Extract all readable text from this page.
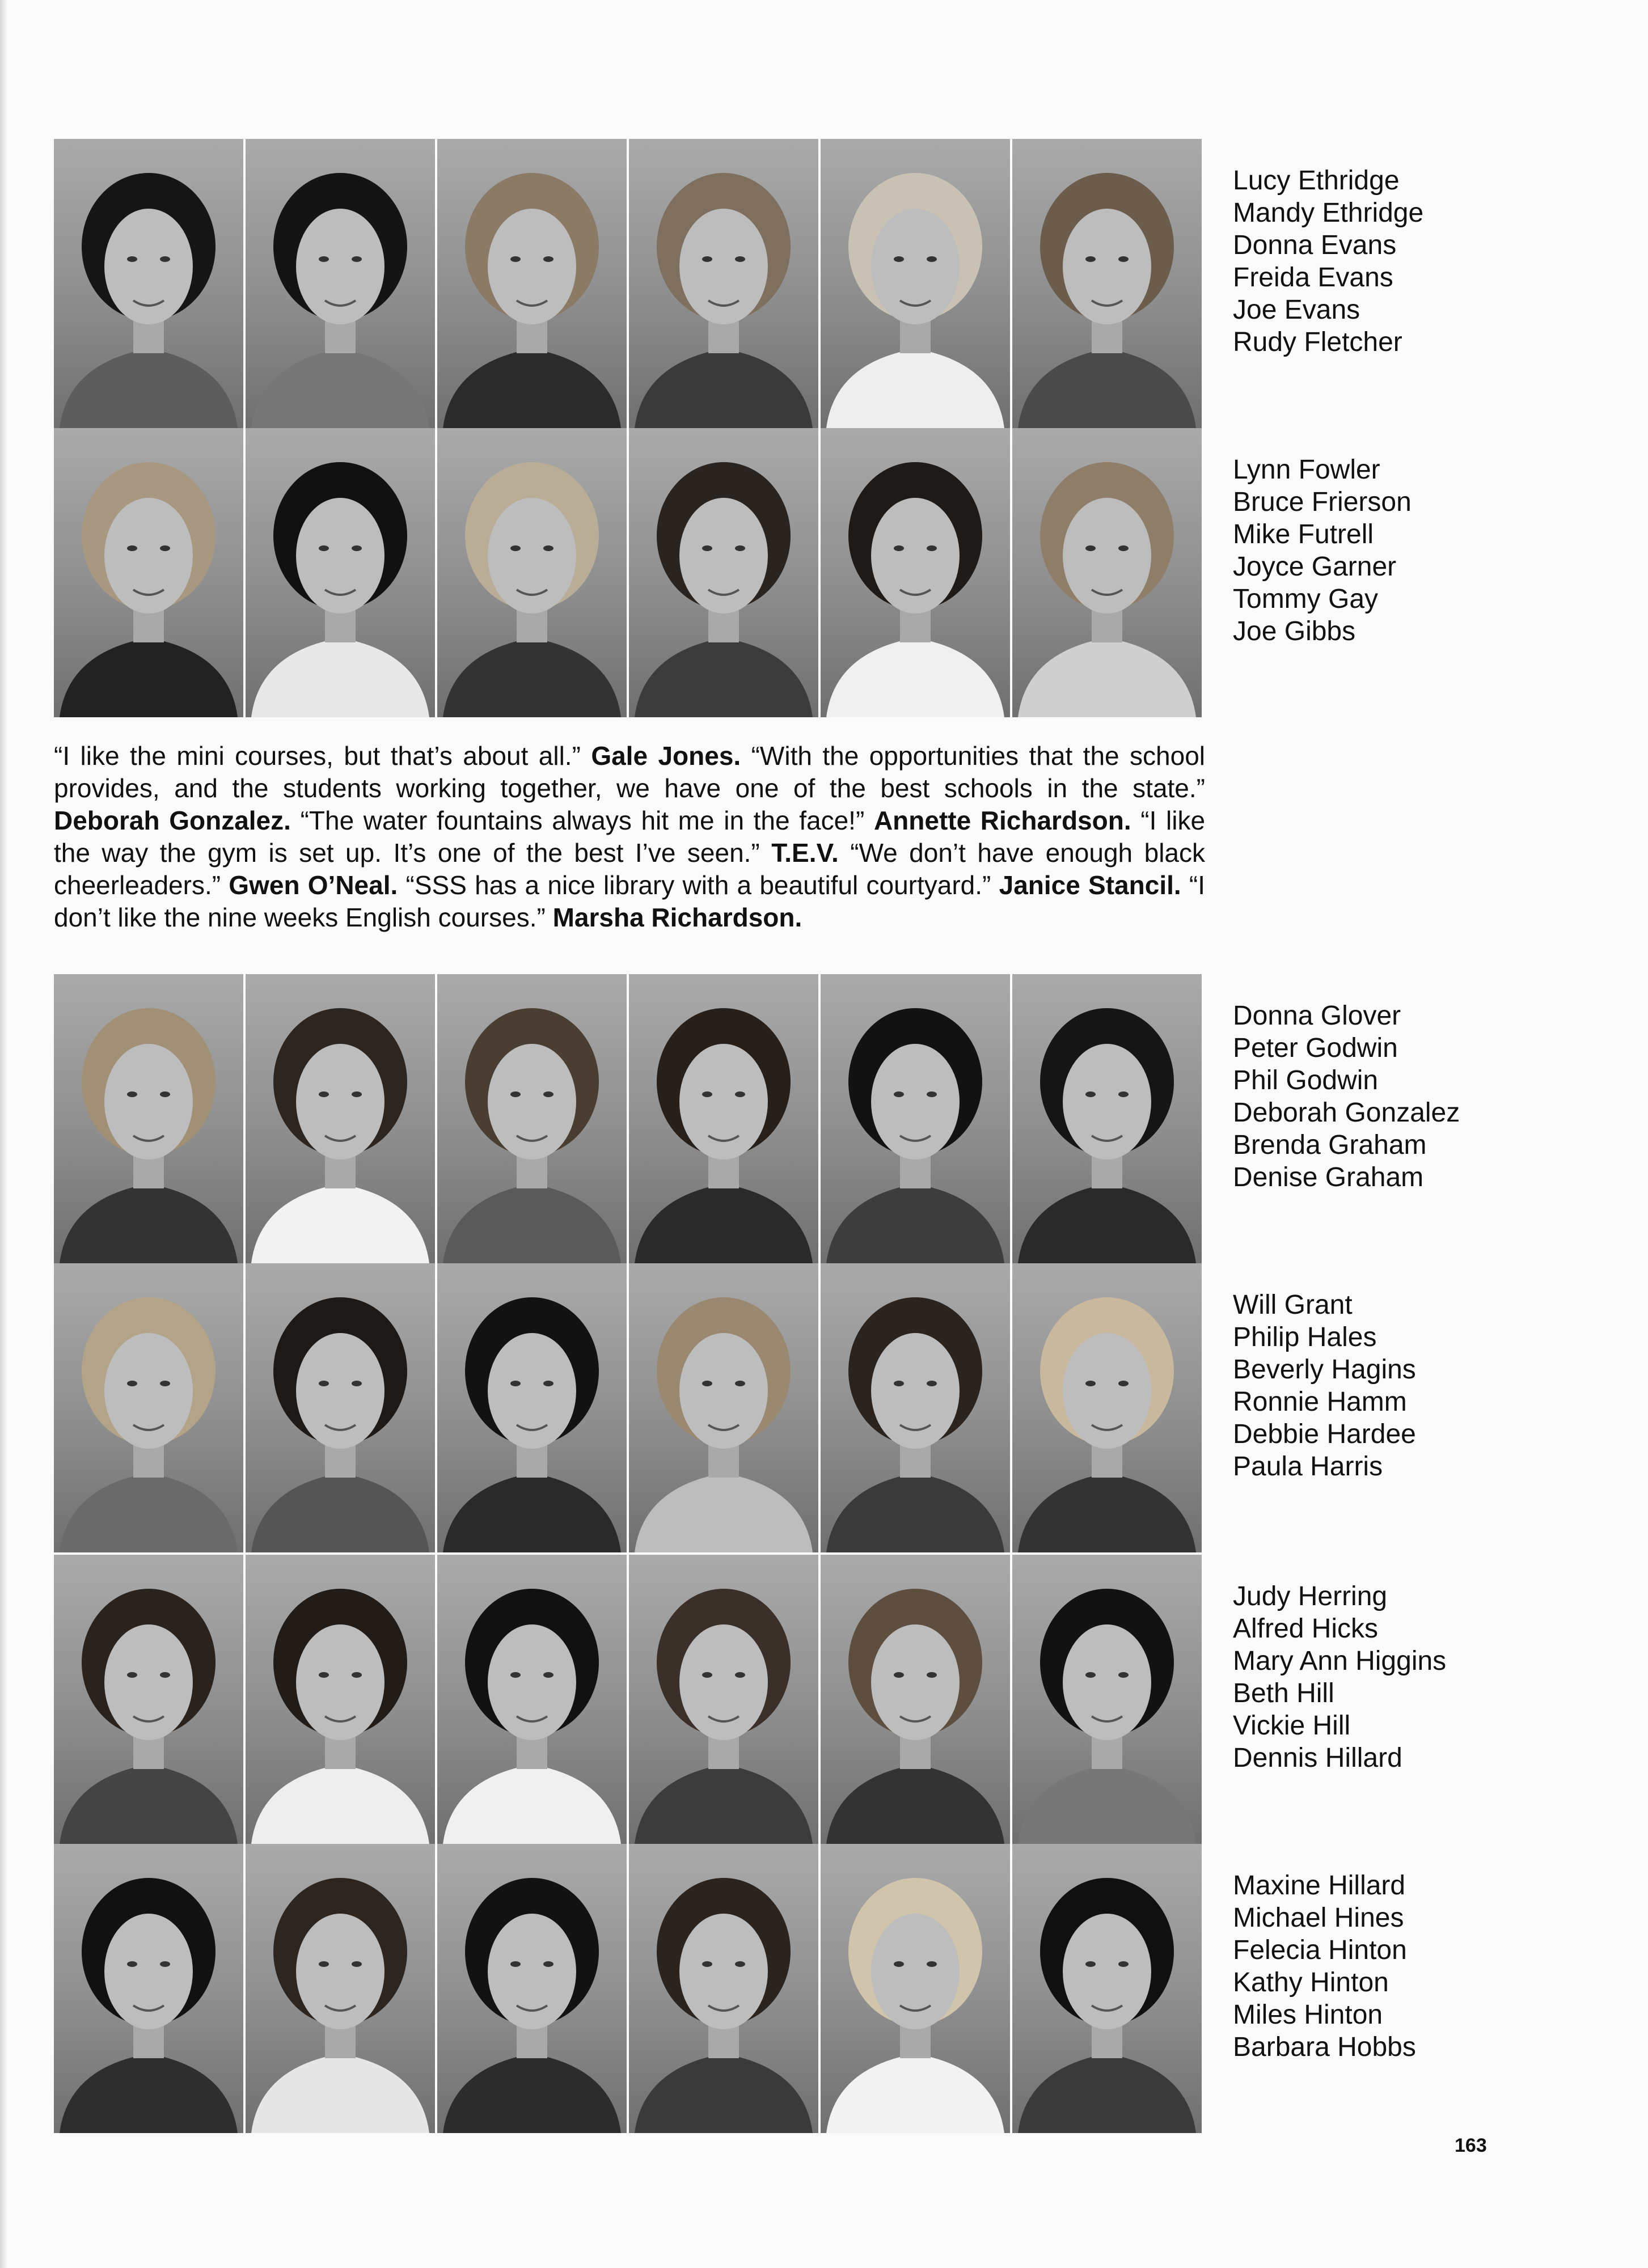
Lucy Ethridge
Mandy Ethridge
Donna Evans
Freida Evans
Joe Evans
Rudy Fletcher
Lynn Fowler
Bruce Frierson
Mike Futrell
Joyce Garner
Tommy Gay
Joe Gibbs

“I like the mini courses, but that’s about all.” Gale Jones. “With the opportunities that the school provides, and the students working together, we have one of the best schools in the state.” Deborah Gonzalez. “The water fountains always hit me in the face!” Annette Richardson. “I like the way the gym is set up. It’s one of the best I’ve seen.” T.E.V. “We don’t have enough black cheerleaders.” Gwen O’Neal. “SSS has a nice library with a beautiful courtyard.” Janice Stancil. “I don’t like the nine weeks English courses.” Marsha Richardson.

Donna Glover
Peter Godwin
Phil Godwin
Deborah Gonzalez
Brenda Graham
Denise Graham
Will Grant
Philip Hales
Beverly Hagins
Ronnie Hamm
Debbie Hardee
Paula Harris
Judy Herring
Alfred Hicks
Mary Ann Higgins
Beth Hill
Vickie Hill
Dennis Hillard
Maxine Hillard
Michael Hines
Felecia Hinton
Kathy Hinton
Miles Hinton
Barbara Hobbs
163
